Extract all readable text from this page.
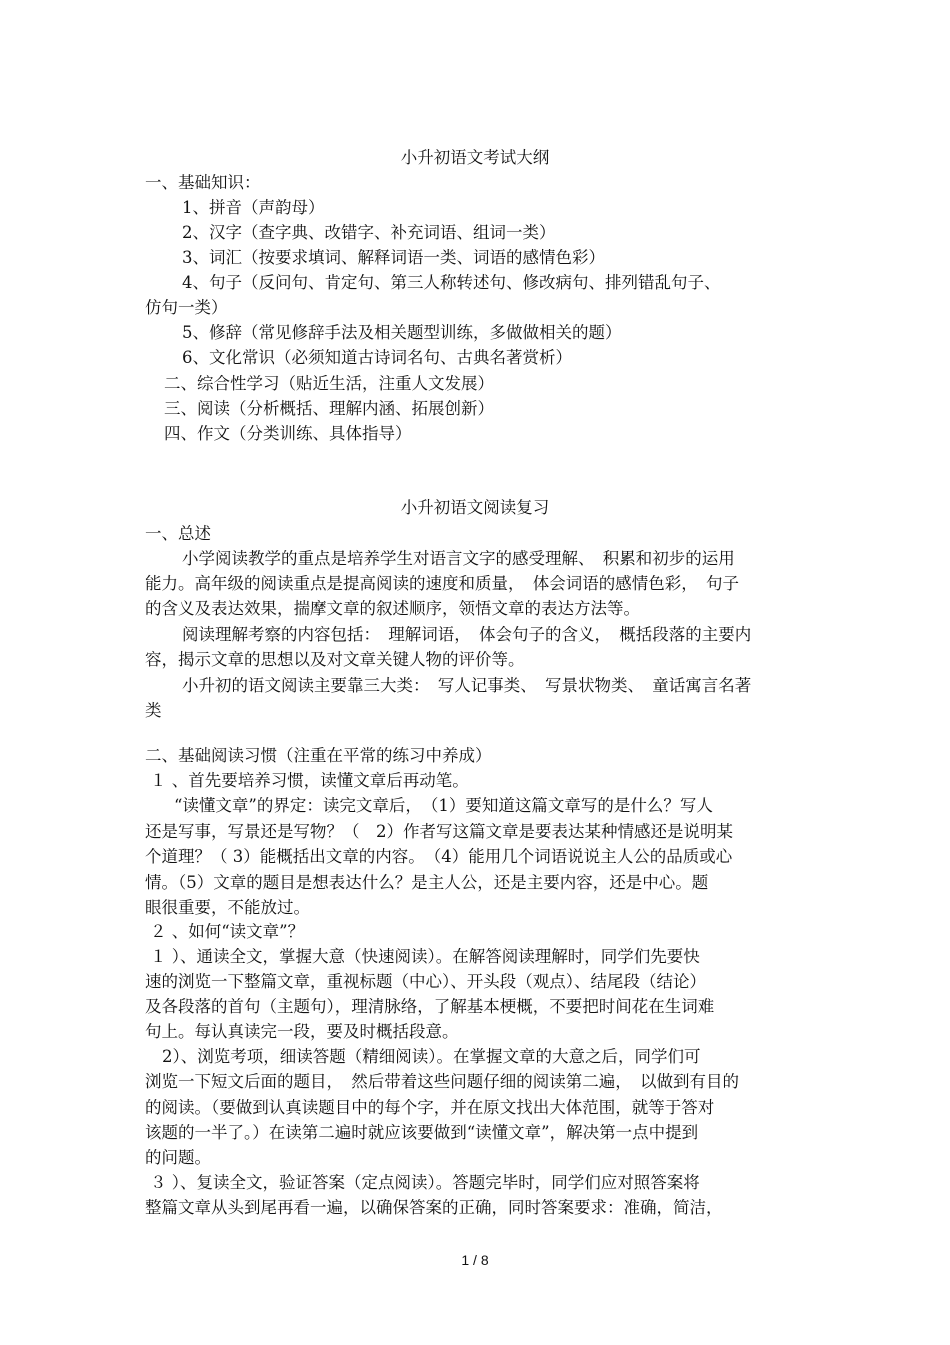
小升初语文考试大纲
一、基础知识：
1、拼音（声韵母）
2、汉字（查字典、改错字、补充词语、组词一类）
3、词汇（按要求填词、解释词语一类、词语的感情色彩）
4、句子（反问句、肯定句、第三人称转述句、修改病句、排列错乱句子、
仿句一类）
5、修辞（常见修辞手法及相关题型训练，多做做相关的题）
6、文化常识（必须知道古诗词名句、古典名著赏析）
二、综合性学习（贴近生活，注重人文发展）
三、阅读（分析概括、理解内涵、拓展创新）
四、作文（分类训练、具体指导）
小升初语文阅读复习
一、总述
小学阅读教学的重点是培养学生对语言文字的感受理解、　积累和初步的运用
能力。高年级的阅读重点是提高阅读的速度和质量，　体会词语的感情色彩，　句子
的含义及表达效果，揣摩文章的叙述顺序，领悟文章的表达方法等。
阅读理解考察的内容包括：　理解词语，　体会句子的含义，　概括段落的主要内
容，揭示文章的思想以及对文章关键人物的评价等。
小升初的语文阅读主要靠三大类：　写人记事类、　写景状物类、　童话寓言名著
类
二、基础阅读习惯（注重在平常的练习中养成）
１ 、首先要培养习惯，读懂文章后再动笔。
“读懂文章”的界定：读完文章后，　（1）要知道这篇文章写的是什么？写人
还是写事，写景还是写物？（　2）作者写这篇文章是要表达某种情感还是说明某
个道理？（ 3）能概括出文章的内容。　（4）能用几个词语说说主人公的品质或心
情。（5）文章的题目是想表达什么？是主人公，还是主要内容，还是中心。题
眼很重要，不能放过。
２ 、如何“读文章”？
１ ）、通读全文，掌握大意（快速阅读）。在解答阅读理解时，同学们先要快
速的浏览一下整篇文章，重视标题（中心）、开头段（观点）、结尾段（结论）
及各段落的首句（主题句），理清脉络，了解基本梗概，不要把时间花在生词难
句上。每认真读完一段，要及时概括段意。
2）、浏览考项，细读答题（精细阅读）。在掌握文章的大意之后，同学们可
浏览一下短文后面的题目，　然后带着这些问题仔细的阅读第二遍，　以做到有目的
的阅读。（要做到认真读题目中的每个字，并在原文找出大体范围，就等于答对
该题的一半了。）在读第二遍时就应该要做到“读懂文章”，解决第一点中提到
的问题。
３ ）、复读全文，验证答案（定点阅读）。答题完毕时，同学们应对照答案将
整篇文章从头到尾再看一遍，以确保答案的正确，同时答案要求：准确，简洁，
1 / 8
